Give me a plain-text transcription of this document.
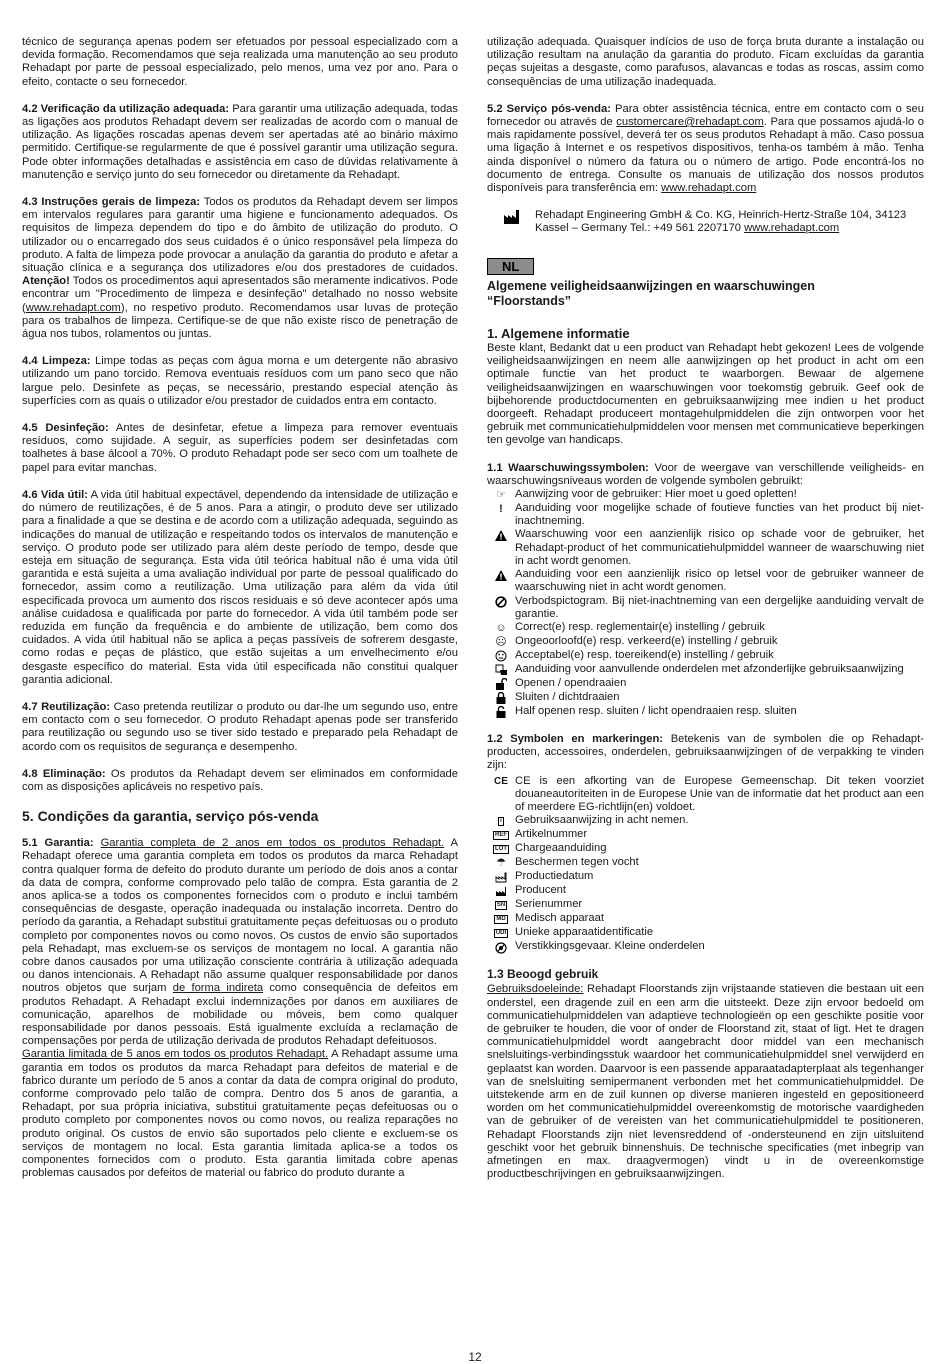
técnico de segurança apenas podem ser efetuados por pessoal especializado com a devida formação. Recomendamos que seja realizada uma manutenção ao seu produto Rehadapt por parte de pessoal especializado, pelo menos, uma vez por ano. Para o efeito, contacte o seu fornecedor.

4.2 Verificação da utilização adequada: Para garantir uma utilização adequada, todas as ligações aos produtos Rehadapt devem ser realizadas de acordo com o manual de utilização. As ligações roscadas apenas devem ser apertadas até ao binário máximo permitido. Certifique-se regularmente de que é possível garantir uma utilização segura. Pode obter informações detalhadas e assistência em caso de dúvidas relativamente à manutenção e serviço junto do seu fornecedor ou diretamente da Rehadapt.

4.3 Instruções gerais de limpeza: Todos os produtos da Rehadapt devem ser limpos em intervalos regulares para garantir uma higiene e funcionamento adequados. Os requisitos de limpeza dependem do tipo e do âmbito de utilização do produto. O utilizador ou o encarregado dos seus cuidados é o único responsável pela limpeza do produto. A falta de limpeza pode provocar a anulação da garantia do produto e afetar a situação clínica e a segurança dos utilizadores e/ou dos prestadores de cuidados. Atenção! Todos os procedimentos aqui apresentados são meramente indicativos. Pode encontrar um "Procedimento de limpeza e desinfeção" detalhado no nosso website (www.rehadapt.com), no respetivo produto. Recomendamos usar luvas de proteção para os trabalhos de limpeza. Certifique-se de que não existe risco de penetração de água nos tubos, rolamentos ou juntas.

4.4 Limpeza: Limpe todas as peças com água morna e um detergente não abrasivo utilizando um pano torcido. Remova eventuais resíduos com um pano seco que não largue pelo. Desinfete as peças, se necessário, prestando especial atenção às superfícies com as quais o utilizador e/ou prestador de cuidados entra em contacto.

4.5 Desinfeção: Antes de desinfetar, efetue a limpeza para remover eventuais resíduos, como sujidade. A seguir, as superfícies podem ser desinfetadas com toalhetes à base álcool a 70%. O produto Rehadapt pode ser seco com um toalhete de papel para evitar manchas.

4.6 Vida útil: A vida útil habitual expectável, dependendo da intensidade de utilização e do número de reutilizações, é de 5 anos. Para a atingir, o produto deve ser utilizado para a finalidade a que se destina e de acordo com a utilização adequada, seguindo as indicações do manual de utilização e respeitando todos os intervalos de manutenção e serviço. O produto pode ser utilizado para além deste período de tempo, desde que esteja em situação de segurança. Esta vida útil teórica habitual não é uma vida útil garantida e está sujeita a uma avaliação individual por parte de pessoal qualificado do fornecedor, assim como a reutilização. Uma utilização para além da vida útil especificada provoca um aumento dos riscos residuais e só deve acontecer após uma análise cuidadosa e qualificada por parte do fornecedor. A vida útil também pode ser reduzida em função da frequência e do ambiente de utilização, bem como dos cuidados. A vida útil habitual não se aplica a peças passíveis de sofrerem desgaste, como rodas e peças de plástico, que estão sujeitas a um envelhecimento e/ou desgaste específico do material. Esta vida útil especificada não constitui qualquer garantia adicional.

4.7 Reutilização: Caso pretenda reutilizar o produto ou dar-lhe um segundo uso, entre em contacto com o seu fornecedor. O produto Rehadapt apenas pode ser transferido para reutilização ou segundo uso se tiver sido testado e preparado pela Rehadapt de acordo com os requisitos de segurança e desempenho.

4.8 Eliminação: Os produtos da Rehadapt devem ser eliminados em conformidade com as disposições aplicáveis no respetivo país.

5. Condições da garantia, serviço pós-venda

5.1 Garantia: Garantia completa de 2 anos em todos os produtos Rehadapt. A Rehadapt oferece uma garantia completa em todos os produtos da marca Rehadapt contra qualquer forma de defeito do produto durante um período de dois anos a contar da data de compra, conforme comprovado pelo talão de compra. Esta garantia de 2 anos aplica-se a todos os componentes fornecidos com o produto e inclui também consequências de desgaste, operação inadequada ou instalação incorreta. Dentro do período da garantia, a Rehadapt substitui gratuitamente peças defeituosas ou o produto completo por componentes novos ou como novos. Os custos de envio são suportados pela Rehadapt, mas excluem-se os serviços de montagem no local. A garantia não cobre danos causados por uma utilização consciente contrária à utilização adequada ou danos intencionais. A Rehadapt não assume qualquer responsabilidade por danos noutros objetos que surjam de forma indireta como consequência de defeitos em produtos Rehadapt. A Rehadapt exclui indemnizações por danos em auxiliares de comunicação, aparelhos de mobilidade ou móveis, bem como qualquer responsabilidade por danos pessoais. Está igualmente excluída a reclamação de compensações por perda de utilização derivada de produtos Rehadapt defeituosos.
Garantia limitada de 5 anos em todos os produtos Rehadapt. A Rehadapt assume uma garantia em todos os produtos da marca Rehadapt para defeitos de material e de fabrico durante um período de 5 anos a contar da data de compra original do produto, conforme comprovado pelo talão de compra. Dentro dos 5 anos de garantia, a Rehadapt, por sua própria iniciativa, substitui gratuitamente peças defeituosas ou o produto completo por componentes novos ou como novos, ou realiza reparações no produto original. Os custos de envio são suportados pelo cliente e excluem-se os serviços de montagem no local. Esta garantia limitada aplica-se a todos os componentes fornecidos com o produto. Esta garantia limitada cobre apenas problemas causados por defeitos de material ou fabrico do produto durante a

utilização adequada. Quaisquer indícios de uso de força bruta durante a instalação ou utilização resultam na anulação da garantia do produto. Ficam excluídas da garantia peças sujeitas a desgaste, como parafusos, alavancas e todas as roscas, assim como consequências de uma utilização inadequada.

5.2 Serviço pós-venda: Para obter assistência técnica, entre em contacto com o seu fornecedor ou através de customercare@rehadapt.com. Para que possamos ajudá-lo o mais rapidamente possível, deverá ter os seus produtos Rehadapt à mão. Caso possua uma ligação à Internet e os respetivos dispositivos, tenha-os também à mão. Tenha ainda disponível o número da fatura ou o número de artigo. Pode encontrá-los no documento de entrega. Consulte os manuais de utilização dos nossos produtos disponíveis para transferência em: www.rehadapt.com

Rehadapt Engineering GmbH & Co. KG, Heinrich-Hertz-Straße 104, 34123
Kassel – Germany Tel.: +49 561 2207170 www.rehadapt.com
NL
Algemene veiligheidsaanwijzingen en waarschuwingen
“Floorstands”
1. Algemene informatie

Beste klant, Bedankt dat u een product van Rehadapt hebt gekozen! Lees de volgende veiligheidsaanwijzingen en neem alle aanwijzingen op het product in acht om een optimale functie van het product te waarborgen. Bewaar de algemene veiligheidsaanwijzingen en waarschuwingen voor toekomstig gebruik. Geef ook de bijbehorende productdocumenten en gebruiksaanwijzing mee indien u het product doorgeeft. Rehadapt produceert montagehulpmiddelen die zijn ontworpen voor het gebruik met communicatiehulpmiddelen voor mensen met communicatieve beperkingen ten gevolge van handicaps.

1.1 Waarschuwingssymbolen: Voor de weergave van verschillende veiligheids- en waarschuwingsniveaus worden de volgende symbolen gebruikt:

☞ Aanwijzing voor de gebruiker: Hier moet u goed opletten!
!	Aanduiding voor mogelijke schade of foutieve functies van het product bij niet-inachtneming.
Waarschuwing voor een aanzienlijk risico op schade voor de gebruiker, het Rehadapt-product of het communicatiehulpmiddel wanneer de waarschuwing niet in acht wordt genomen.
Aanduiding voor een aanzienlijk risico op letsel voor de gebruiker wanneer de waarschuwing niet in acht wordt genomen.
Verbodspictogram. Bij niet-inachtneming van een dergelijke aanduiding vervalt de garantie.
☺ Correct(e) resp. reglementair(e) instelling / gebruik
☹ Ongeoorloofd(e) resp. verkeerd(e) instelling / gebruik
Acceptabel(e) resp. toereikend(e) instelling / gebruik
Aanduiding voor aanvullende onderdelen met afzonderlijke gebruiksaanwijzing
Openen / opendraaien
Sluiten / dichtdraaien
Half openen resp. sluiten / licht opendraaien resp. sluiten

1.2 Symbolen en markeringen: Betekenis van de symbolen die op Rehadapt-producten, accessoires, onderdelen, gebruiksaanwijzingen of de verpakking te vinden zijn:

CE CE is een afkorting van de Europese Gemeenschap. Dit teken voorziet douaneautoriteiten in de Europese Unie van de informatie dat het product aan een of meerdere EG-richtlijn(en) voldoet.
i Gebruiksaanwijzing in acht nemen.
REF Artikelnummer
LOT Chargeaanduiding
☂ Beschermen tegen vocht
Productiedatum
Producent
SN Serienummer
MD Medisch apparaat
UDI Unieke apparaatidentificatie
Verstikkingsgevaar. Kleine onderdelen
1.3 Beoogd gebruik

Gebruiksdoeleinde: Rehadapt Floorstands zijn vrijstaande statieven die bestaan uit een onderstel, een dragende zuil en een arm die uitsteekt. Deze zijn ervoor bedoeld om communicatiehulpmiddelen van adaptieve technologieën op een geschikte positie voor de gebruiker te houden, die voor of onder de Floorstand zit, staat of ligt. Het te dragen communicatiehulpmiddel wordt aangebracht door middel van een mechanisch snelsluitings-verbindingsstuk waardoor het communicatiehulpmiddel snel verwijderd en geplaatst kan worden. Daarvoor is een passende apparaatadapterplaat als tegenhanger van de snelsluiting semipermanent verbonden met het communicatiehulpmiddel. De uitstekende arm en de zuil kunnen op diverse manieren ingesteld en gepositioneerd worden om het communicatiehulpmiddel overeenkomstig de motorische vaardigheden van de gebruiker of de vereisten van het communicatiehulpmiddel te positioneren. Rehadapt Floorstands zijn niet levensreddend of -ondersteunend en zijn uitsluitend geschikt voor het gebruik binnenshuis. De technische specificaties (met inbegrip van afmetingen en max. draagvermogen) vindt u in de overeenkomstige productbeschrijvingen en gebruiksaanwijzingen.

12
